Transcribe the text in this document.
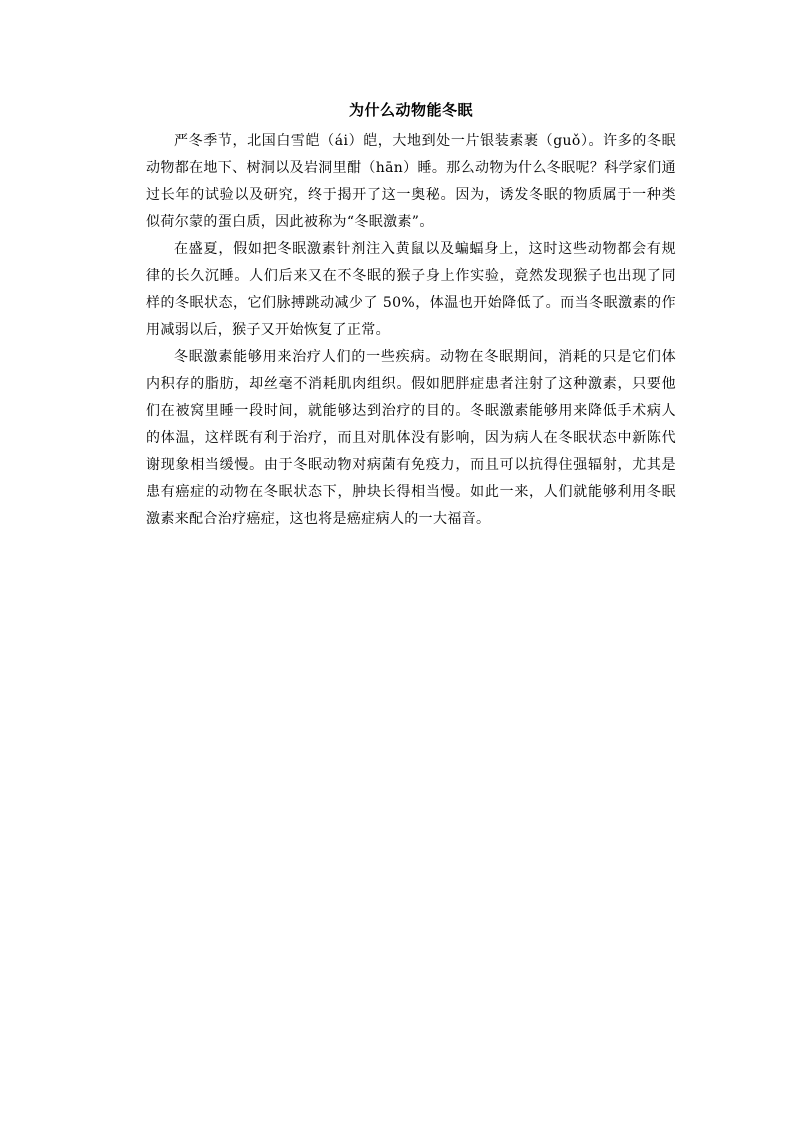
为什么动物能冬眠

严冬季节，北国白雪皑（ái）皑，大地到处一片银装素裹（guǒ）。许多的冬眠动物都在地下、树洞以及岩洞里酣（hān）睡。那么动物为什么冬眠呢？科学家们通过长年的试验以及研究，终于揭开了这一奥秘。因为，诱发冬眠的物质属于一种类似荷尔蒙的蛋白质，因此被称为“冬眠激素”。

在盛夏，假如把冬眠激素针剂注入黄鼠以及蝙蝠身上，这时这些动物都会有规律的长久沉睡。人们后来又在不冬眠的猴子身上作实验，竟然发现猴子也出现了同样的冬眠状态，它们脉搏跳动减少了 50%，体温也开始降低了。而当冬眠激素的作用减弱以后，猴子又开始恢复了正常。

冬眠激素能够用来治疗人们的一些疾病。动物在冬眠期间，消耗的只是它们体内积存的脂肪，却丝毫不消耗肌肉组织。假如肥胖症患者注射了这种激素，只要他们在被窝里睡一段时间，就能够达到治疗的目的。冬眠激素能够用来降低手术病人的体温，这样既有利于治疗，而且对肌体没有影响，因为病人在冬眠状态中新陈代谢现象相当缓慢。由于冬眠动物对病菌有免疫力，而且可以抗得住强辐射，尤其是患有癌症的动物在冬眠状态下，肿块长得相当慢。如此一来，人们就能够利用冬眠激素来配合治疗癌症，这也将是癌症病人的一大福音。
